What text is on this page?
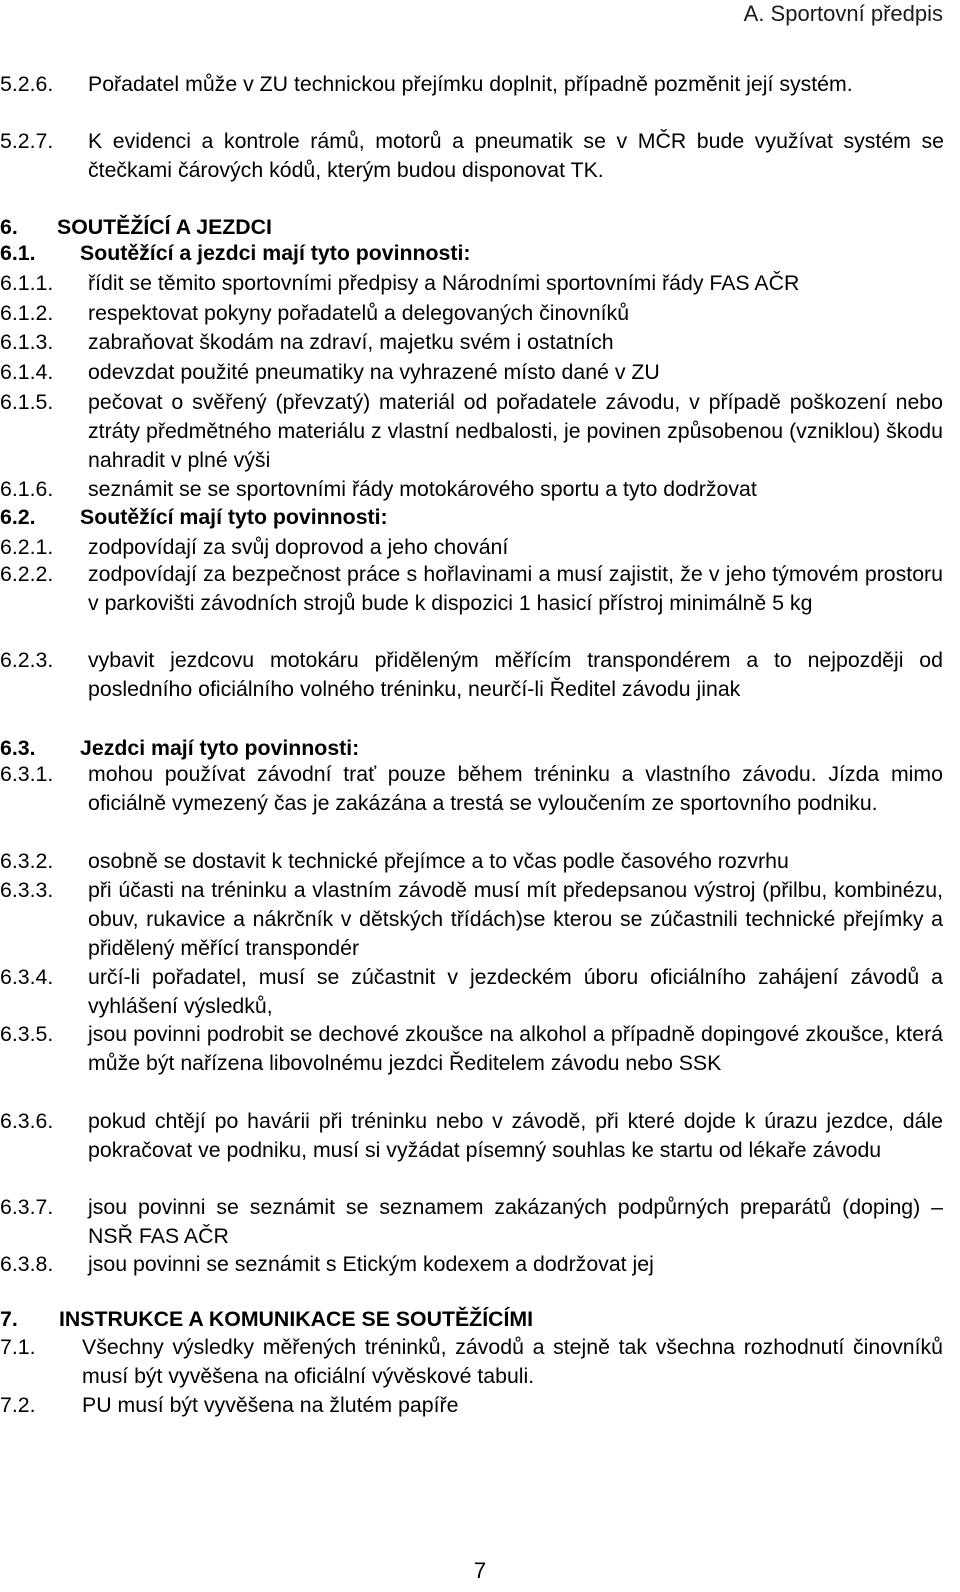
A. Sportovní předpis
5.2.6. Pořadatel může v ZU technickou přejímku doplnit, případně pozměnit její systém.
5.2.7. K evidenci a kontrole rámů, motorů a pneumatik se v MČR bude využívat systém se čtečkami čárových kódů, kterým budou disponovat TK.
6. SOUTĚŽÍCÍ A JEZDCI
6.1. Soutěžící a jezdci mají tyto povinnosti:
6.1.1. řídit se těmito sportovními předpisy a Národními sportovními řády FAS AČR
6.1.2. respektovat pokyny pořadatelů a delegovaných činovníků
6.1.3. zabraňovat škodám na zdraví, majetku svém i ostatních
6.1.4. odevzdat použité pneumatiky na vyhrazené místo dané v ZU
6.1.5. pečovat o svěřený (převzatý) materiál od pořadatele závodu, v případě poškození nebo ztráty předmětného materiálu z vlastní nedbalosti, je povinen způsobenou (vzniklou) škodu nahradit v plné výši
6.1.6. seznámit se se sportovními řády motokárového sportu a tyto dodržovat
6.2. Soutěžící mají tyto povinnosti:
6.2.1. zodpovídají za svůj doprovod a jeho chování
6.2.2. zodpovídají za bezpečnost práce s hořlavinami a musí zajistit, že v jeho týmovém prostoru v parkovišti závodních strojů bude k dispozici 1 hasicí přístroj minimálně 5 kg
6.2.3. vybavit jezdcovu motokáru přiděleným měřícím transpondérem a to nejpozději od posledního oficiálního volného tréninku, neurčí-li Ředitel závodu jinak
6.3. Jezdci mají tyto povinnosti:
6.3.1. mohou používat závodní trať pouze během tréninku a vlastního závodu. Jízda mimo oficiálně vymezený čas je zakázána a trestá se vyloučením ze sportovního podniku.
6.3.2. osobně se dostavit k technické přejímce a to včas podle časového rozvrhu
6.3.3. při účasti na tréninku a vlastním závodě musí mít předepsanou výstroj (přilbu, kombinézu, obuv, rukavice a nákrčník v dětských třídách)se kterou se zúčastnili technické přejímky a přidělený měřící transpondér
6.3.4. určí-li pořadatel, musí se zúčastnit v jezdeckém úboru oficiálního zahájení závodů a vyhlášení výsledků,
6.3.5. jsou povinni podrobit se dechové zkoušce na alkohol a případně dopingové zkoušce, která může být nařízena libovolnému jezdci Ředitelem závodu nebo SSK
6.3.6. pokud chtějí po havárii při tréninku nebo v závodě, při které dojde k úrazu jezdce, dále pokračovat ve podniku, musí si vyžádat písemný souhlas ke startu od lékaře závodu
6.3.7. jsou povinni se seznámit se seznamem zakázaných podpůrných preparátů (doping) – NSŘ FAS AČR
6.3.8. jsou povinni se seznámit s Etickým kodexem a dodržovat jej
7. INSTRUKCE A KOMUNIKACE SE SOUTĚŽÍCÍMI
7.1. Všechny výsledky měřených tréninků, závodů a stejně tak všechna rozhodnutí činovníků musí být vyvěšena na oficiální vývěskové tabuli.
7.2. PU musí být vyvěšena na žlutém papíře
7
